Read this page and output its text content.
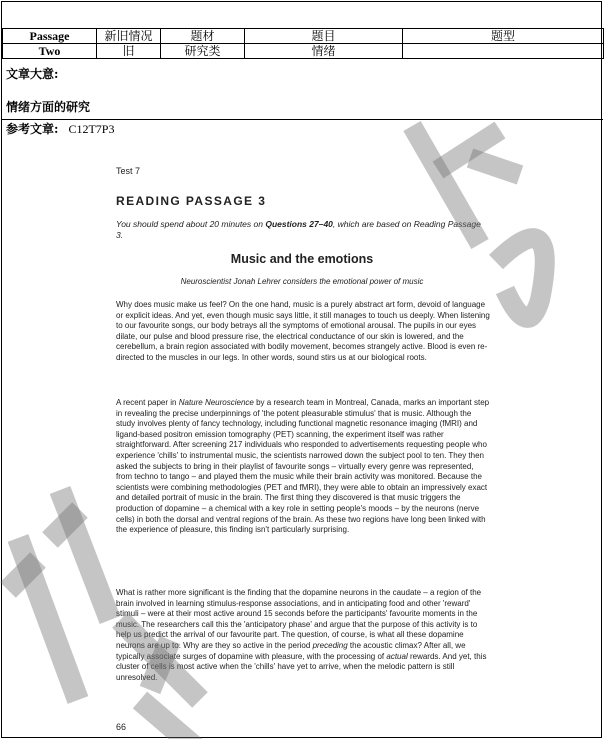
Passage	新旧情况	题材	题目	题型
Two	旧	研究类	情绪	
文章大意:
情绪方面的研究
参考文章: C12T7P3
Test 7
READING PASSAGE 3
You should spend about 20 minutes on Questions 27–40, which are based on Reading Passage 3.
Music and the emotions
Neuroscientist Jonah Lehrer considers the emotional power of music
Why does music make us feel? On the one hand, music is a purely abstract art form, devoid of language or explicit ideas. And yet, even though music says little, it still manages to touch us deeply. When listening to our favourite songs, our body betrays all the symptoms of emotional arousal. The pupils in our eyes dilate, our pulse and blood pressure rise, the electrical conductance of our skin is lowered, and the cerebellum, a brain region associated with bodily movement, becomes strangely active. Blood is even re-directed to the muscles in our legs. In other words, sound stirs us at our biological roots.
A recent paper in Nature Neuroscience by a research team in Montreal, Canada, marks an important step in revealing the precise underpinnings of 'the potent pleasurable stimulus' that is music. Although the study involves plenty of fancy technology, including functional magnetic resonance imaging (fMRI) and ligand-based positron emission tomography (PET) scanning, the experiment itself was rather straightforward. After screening 217 individuals who responded to advertisements requesting people who experience 'chills' to instrumental music, the scientists narrowed down the subject pool to ten. They then asked the subjects to bring in their playlist of favourite songs – virtually every genre was represented, from techno to tango – and played them the music while their brain activity was monitored. Because the scientists were combining methodologies (PET and fMRI), they were able to obtain an impressively exact and detailed portrait of music in the brain. The first thing they discovered is that music triggers the production of dopamine – a chemical with a key role in setting people's moods – by the neurons (nerve cells) in both the dorsal and ventral regions of the brain. As these two regions have long been linked with the experience of pleasure, this finding isn't particularly surprising.
What is rather more significant is the finding that the dopamine neurons in the caudate – a region of the brain involved in learning stimulus-response associations, and in anticipating food and other 'reward' stimuli – were at their most active around 15 seconds before the participants' favourite moments in the music. The researchers call this the 'anticipatory phase' and argue that the purpose of this activity is to help us predict the arrival of our favourite part. The question, of course, is what all these dopamine neurons are up to. Why are they so active in the period preceding the acoustic climax? After all, we typically associate surges of dopamine with pleasure, with the processing of actual rewards. And yet, this cluster of cells is most active when the 'chills' have yet to arrive, when the melodic pattern is still unresolved.
66
